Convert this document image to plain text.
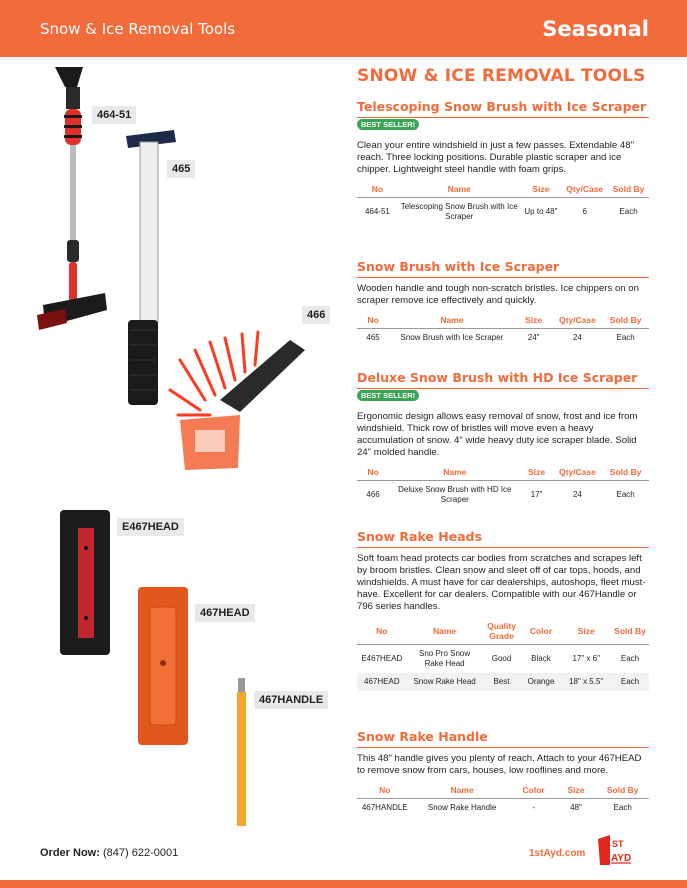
Snow & Ice Removal Tools	Seasonal
464-51
465
466
E467HEAD
467HEAD
467HANDLE
SNOW & ICE REMOVAL TOOLS
Telescoping Snow Brush with Ice Scraper
BEST SELLER!
Clean your entire windshield in just a few passes. Extendable 48" reach. Three locking positions. Durable plastic scraper and ice chipper. Lightweight steel handle with foam grips.
No	Name	Size	Qty/Case	Sold By
464-51	Telescoping Snow Brush with Ice Scraper	Up to 48"	6	Each
Snow Brush with Ice Scraper
Wooden handle and tough non-scratch bristles. Ice chippers on on scraper remove ice effectively and quickly.
No	Name	Size	Qty/Case	Sold By
465	Snow Brush with Ice Scraper	24"	24	Each
Deluxe Snow Brush with HD Ice Scraper
BEST SELLER!
Ergonomic design allows easy removal of snow, frost and ice from windshield. Thick row of bristles will move even a heavy accumulation of snow. 4" wide heavy duty ice scraper blade. Solid 24" molded handle.
No	Name	Size	Qty/Case	Sold By
466	Deluxe Snow Brush with HD Ice Scraper	17"	24	Each
Snow Rake Heads
Soft foam head protects car bodies from scratches and scrapes left by broom bristles. Clean snow and sleet off of car tops, hoods, and windshields. A must have for car dealerships, autoshops, fleet must-have. Excellent for car dealers. Compatible with our 467Handle or 796 series handles.
No	Name	Quality Grade	Color	Size	Sold By
E467HEAD	Sno Pro Snow Rake Head	Good	Black	17" x 6"	Each
467HEAD	Snow Rake Head	Best	Orange	18" x 5.5"	Each
Snow Rake Handle
This 48" handle gives you plenty of reach. Attach to your 467HEAD to remove snow from cars, houses, low rooflines and more.
No	Name	Color	Size	Sold By
467HANDLE	Snow Rake Handle	-	48"	Each
Order Now: (847) 622-0001	1stAyd.com
ST
AYD
